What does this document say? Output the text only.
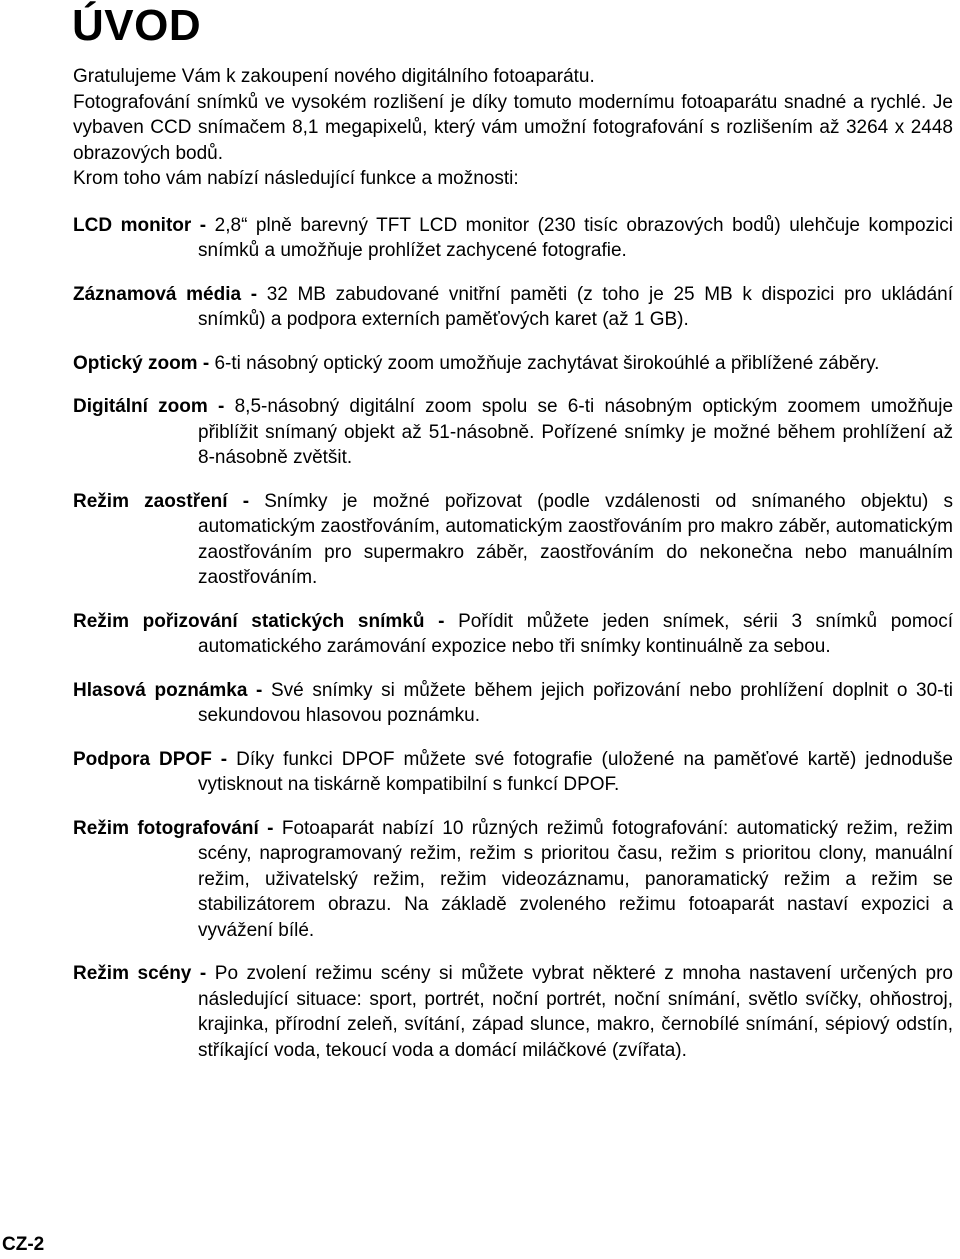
ÚVOD

Gratulujeme Vám k zakoupení nového digitálního fotoaparátu.

Fotografování snímků ve vysokém rozlišení je díky tomuto modernímu fotoaparátu snadné a rychlé. Je vybaven CCD snímačem 8,1 megapixelů, který vám umožní fotografování s rozlišením až 3264 x 2448 obrazových bodů.

Krom toho vám nabízí následující funkce a možnosti:

LCD monitor - 2,8“ plně barevný TFT LCD monitor (230 tisíc obrazových bodů) ulehčuje kompozici snímků a umožňuje prohlížet zachycené fotografie.
Záznamová média - 32 MB zabudované vnitřní paměti (z toho je 25 MB k dispozici pro ukládání snímků) a podpora externích paměťových karet (až 1 GB).
Optický zoom - 6-ti násobný optický zoom umožňuje zachytávat širokoúhlé a přiblížené záběry.
Digitální zoom - 8,5-násobný digitální zoom spolu se 6-ti násobným optickým zoomem umožňuje přiblížit snímaný objekt až 51-násobně. Pořízené snímky je možné během prohlížení až 8-násobně zvětšit.
Režim zaostření - Snímky je možné pořizovat (podle vzdálenosti od snímaného objektu) s automatickým zaostřováním, automatickým zaostřováním pro makro záběr, automatickým zaostřováním pro supermakro záběr, zaostřováním do nekonečna nebo manuálním zaostřováním.
Režim pořizování statických snímků - Pořídit můžete jeden snímek, sérii 3 snímků pomocí automatického zarámování expozice nebo tři snímky kontinuálně za sebou.
Hlasová poznámka - Své snímky si můžete během jejich pořizování nebo prohlížení doplnit o 30-ti sekundovou hlasovou poznámku.
Podpora DPOF - Díky funkci DPOF můžete své fotografie (uložené na paměťové kartě) jednoduše vytisknout na tiskárně kompatibilní s funkcí DPOF.
Režim fotografování - Fotoaparát nabízí 10 různých režimů fotografování: automatický režim, režim scény, naprogramovaný režim, režim s prioritou času, režim s prioritou clony, manuální režim, uživatelský režim, režim videozáznamu, panoramatický režim a režim se stabilizátorem obrazu. Na základě zvoleného režimu fotoaparát nastaví expozici a vyvážení bílé.
Režim scény - Po zvolení režimu scény si můžete vybrat některé z mnoha nastavení určených pro následující situace: sport, portrét, noční portrét, noční snímání, světlo svíčky, ohňostroj, krajinka, přírodní zeleň, svítání, západ slunce, makro, černobílé snímání, sépiový odstín, stříkající voda, tekoucí voda a domácí miláčkové (zvířata).
CZ-2
